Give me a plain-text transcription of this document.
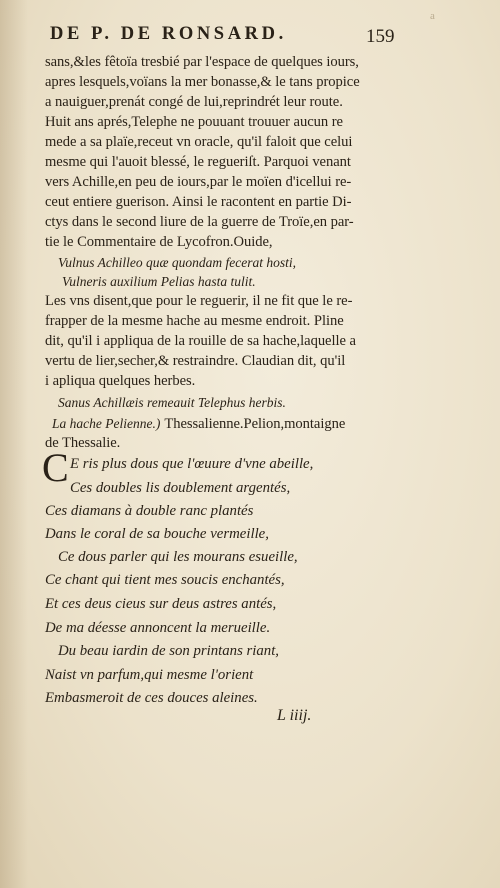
DE P. DE RONSARD.	159
a
sans,&les fêtoïa tresbié par l'espace de quelques iours,
apres lesquels,voïans la mer bonasse,& le tans propice
a nauiguer,prenát congé de lui,reprindrét leur route.
Huit ans aprés,Telephe ne pouuant trouuer aucun re
mede a sa plaïe,receut vn oracle, qu'il faloit que celui
mesme qui l'auoit blessé, le regueriſt. Parquoi venant
vers Achille,en peu de iours,par le moïen d'icellui re-
ceut entiere guerison. Ainsi le racontent en partie Di-
ctys dans le second liure de la guerre de Troïe,en par-
tie le Commentaire de Lycofron.Ouide,
Vulnus Achilleo quæ quondam fecerat hosti,
Vulneris auxilium Pelias hasta tulit.
Les vns disent,que pour le reguerir, il ne fit que le re-
frapper de la mesme hache au mesme endroit. Pline
dit, qu'il i appliqua de la rouille de sa hache,laquelle a
vertu de lier,secher,& restraindre. Claudian dit, qu'il
i apliqua quelques herbes.
Sanus Achillæis remeauit Telephus herbis.
La hache Pelienne.) Thessalienne.Pelion,montaigne
de Thessalie.
C E ris plus dous que l'œuure d'vne abeille,
Ces doubles lis doublement argentés,
Ces diamans à double ranc plantés
Dans le coral de sa bouche vermeille,
Ce dous parler qui les mourans esueille,
Ce chant qui tient mes soucis enchantés,
Et ces deus cieus sur deus astres antés,
De ma déesse annoncent la merueille.
Du beau iardin de son printans riant,
Naist vn parfum,qui mesme l'orient
Embasmeroit de ces douces aleines.
L iiij.
